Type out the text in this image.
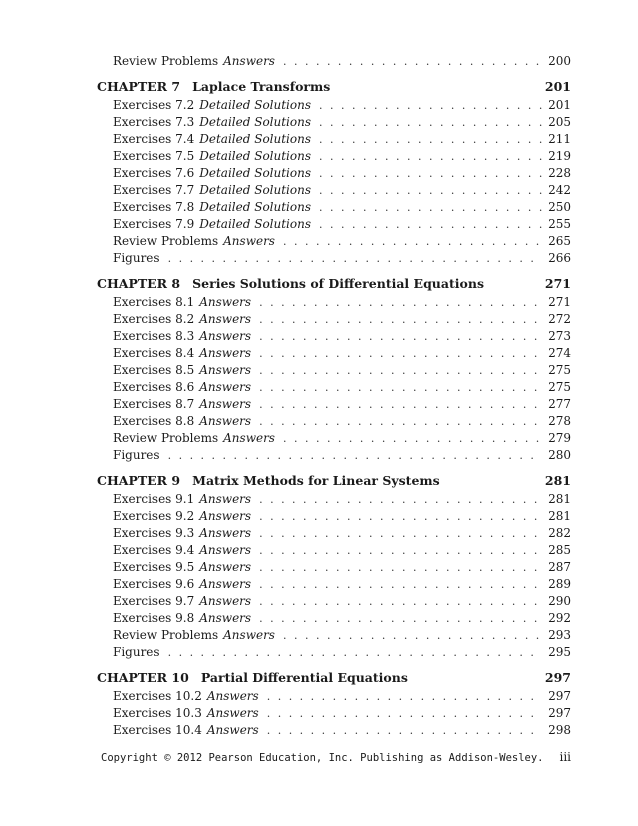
Review Problems Answers . . .	200
CHAPTER 7 Laplace Transforms	201
Exercises 7.2 Detailed Solutions . . .	201
Exercises 7.3 Detailed Solutions . . .	205
Exercises 7.4 Detailed Solutions . . .	211
Exercises 7.5 Detailed Solutions . . .	219
Exercises 7.6 Detailed Solutions . . .	228
Exercises 7.7 Detailed Solutions . . .	242
Exercises 7.8 Detailed Solutions . . .	250
Exercises 7.9 Detailed Solutions . . .	255
Review Problems Answers . . .	265
Figures . . .	266
CHAPTER 8 Series Solutions of Differential Equations	271
Exercises 8.1 Answers . . .	271
Exercises 8.2 Answers . . .	272
Exercises 8.3 Answers . . .	273
Exercises 8.4 Answers . . .	274
Exercises 8.5 Answers . . .	275
Exercises 8.6 Answers . . .	275
Exercises 8.7 Answers . . .	277
Exercises 8.8 Answers . . .	278
Review Problems Answers . . .	279
Figures . . .	280
CHAPTER 9 Matrix Methods for Linear Systems	281
Exercises 9.1 Answers . . .	281
Exercises 9.2 Answers . . .	281
Exercises 9.3 Answers . . .	282
Exercises 9.4 Answers . . .	285
Exercises 9.5 Answers . . .	287
Exercises 9.6 Answers . . .	289
Exercises 9.7 Answers . . .	290
Exercises 9.8 Answers . . .	292
Review Problems Answers . . .	293
Figures . . .	295
CHAPTER 10 Partial Differential Equations	297
Exercises 10.2 Answers . . .	297
Exercises 10.3 Answers . . .	297
Exercises 10.4 Answers . . .	298
Copyright © 2012 Pearson Education, Inc. Publishing as Addison-Wesley.	iii
